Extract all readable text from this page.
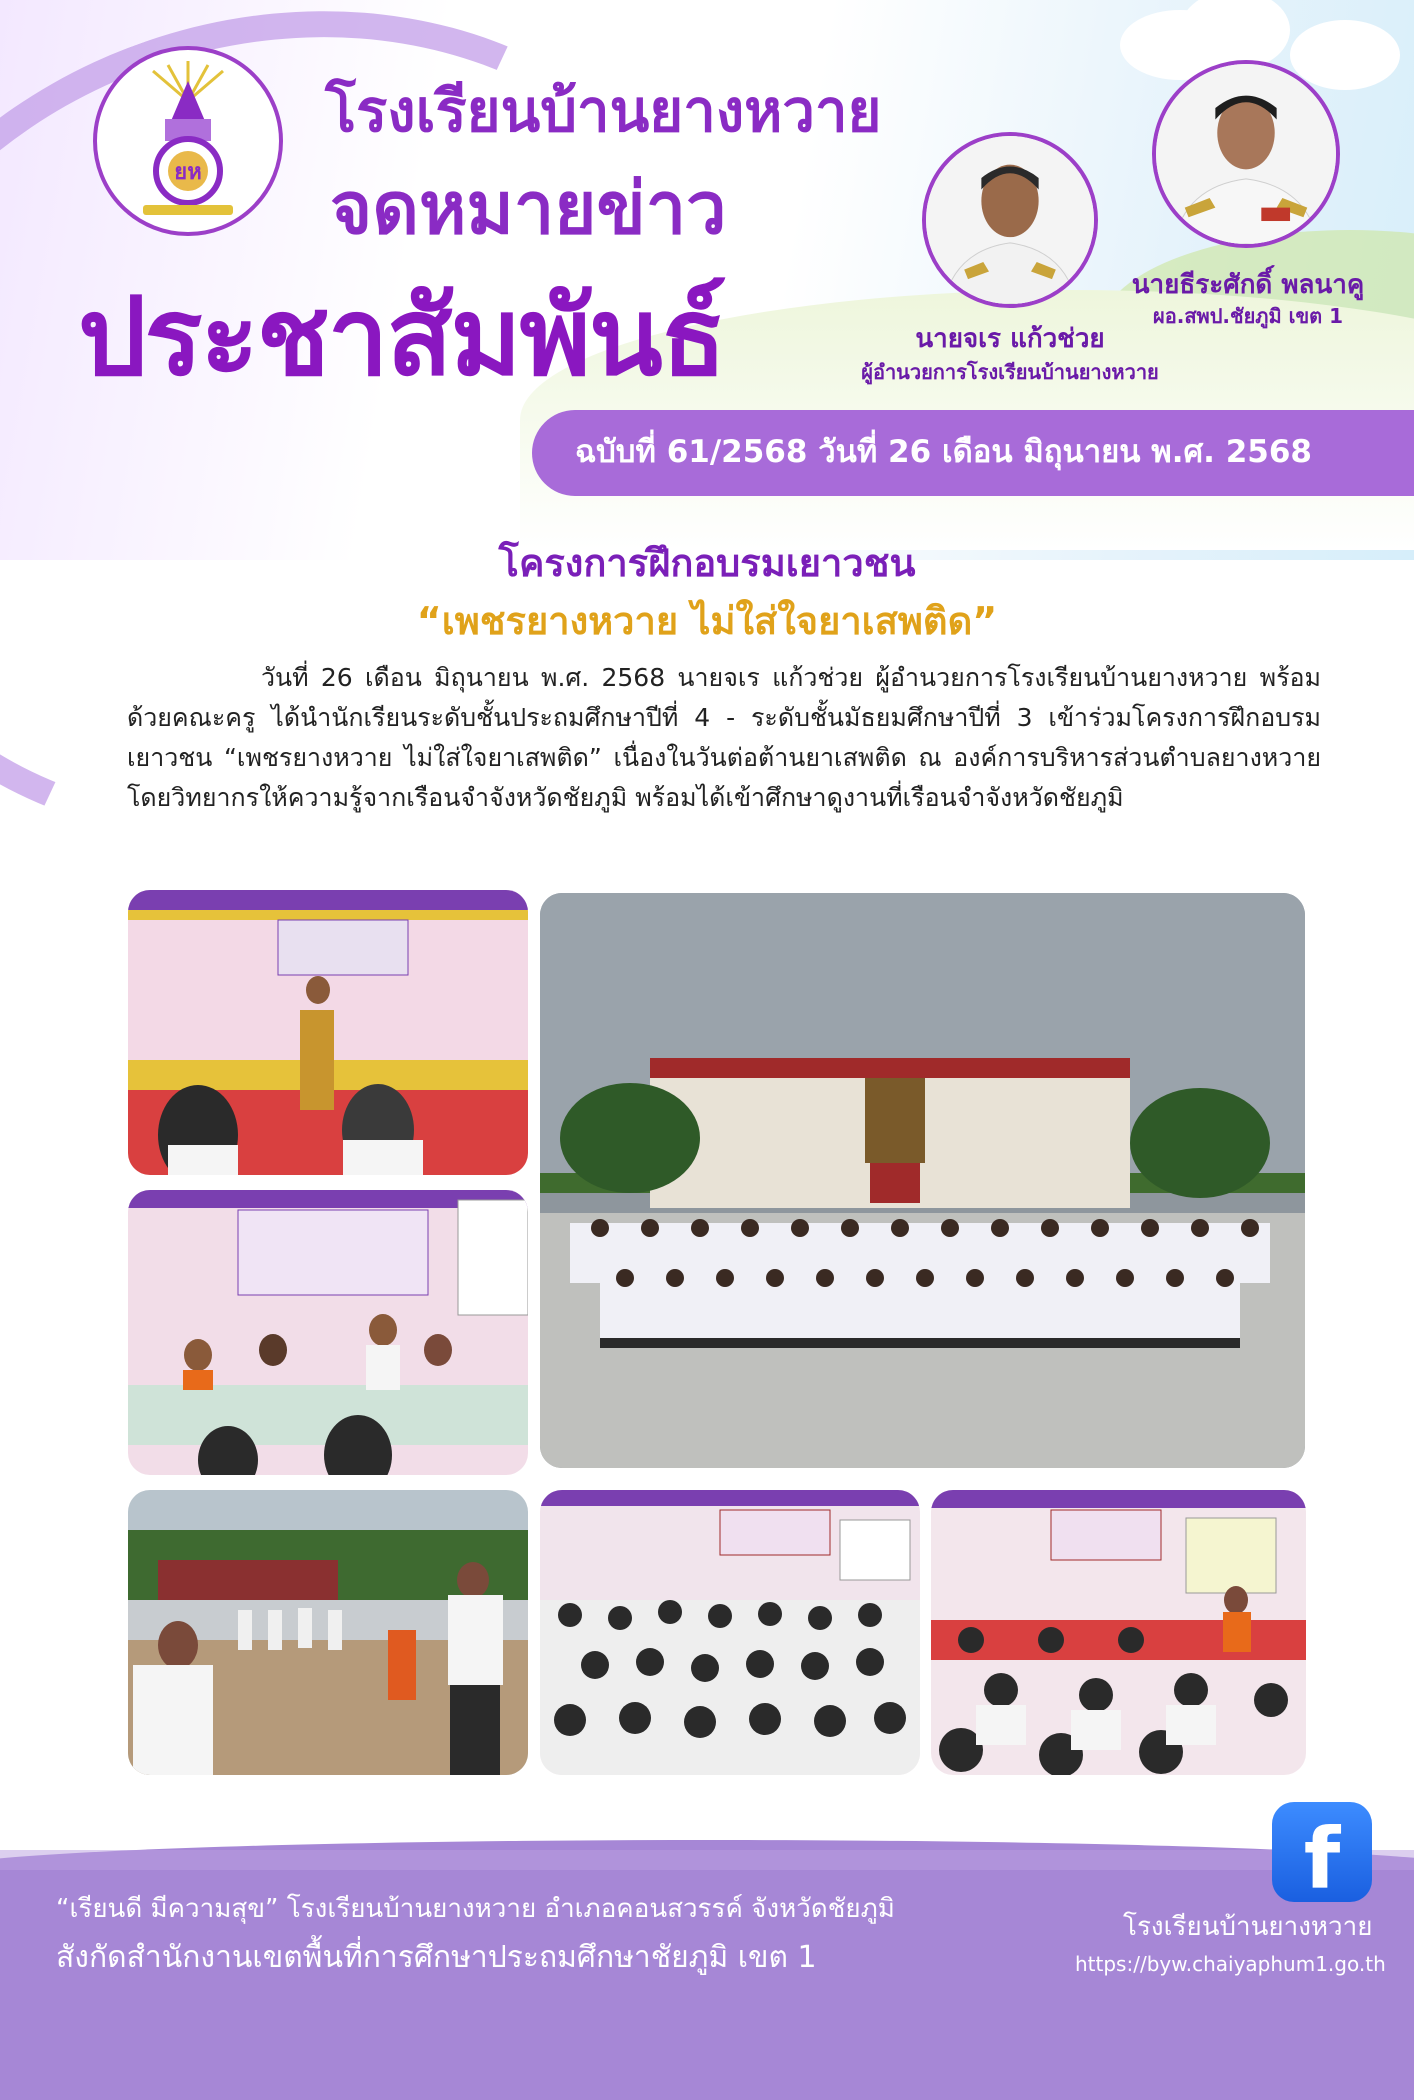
ยห
โรงเรียนบ้านยางหวาย
จดหมายข่าว
ประชาสัมพันธ์	นายจเร แก้วช่วย
ผู้อำนวยการโรงเรียนบ้านยางหวาย
นายธีระศักดิ์ พลนาคู
ผอ.สพป.ชัยภูมิ เขต 1
ฉบับที่ 61/2568 วันที่ 26 เดือน มิถุนายน พ.ศ. 2568
โครงการฝึกอบรมเยาวชน
“เพชรยางหวาย ไม่ใส่ใจยาเสพติด”
วันที่ 26 เดือน มิถุนายน พ.ศ. 2568 นายจเร แก้วช่วย ผู้อำนวยการโรงเรียนบ้านยางหวาย พร้อมด้วยคณะครู ได้นำนักเรียนระดับชั้นประถมศึกษาปีที่ 4 - ระดับชั้นมัธยมศึกษาปีที่ 3 เข้าร่วมโครงการฝึกอบรมเยาวชน “เพชรยางหวาย ไม่ใส่ใจยาเสพติด” เนื่องในวันต่อต้านยาเสพติด ณ องค์การบริหารส่วนตำบลยางหวาย โดยวิทยากรให้ความรู้จากเรือนจำจังหวัดชัยภูมิ พร้อมได้เข้าศึกษาดูงานที่เรือนจำจังหวัดชัยภูมิ
f
“เรียนดี มีความสุข” โรงเรียนบ้านยางหวาย อำเภอคอนสวรรค์ จังหวัดชัยภูมิ
สังกัดสำนักงานเขตพื้นที่การศึกษาประถมศึกษาชัยภูมิ เขต 1
โรงเรียนบ้านยางหวาย
https://byw.chaiyaphum1.go.th
